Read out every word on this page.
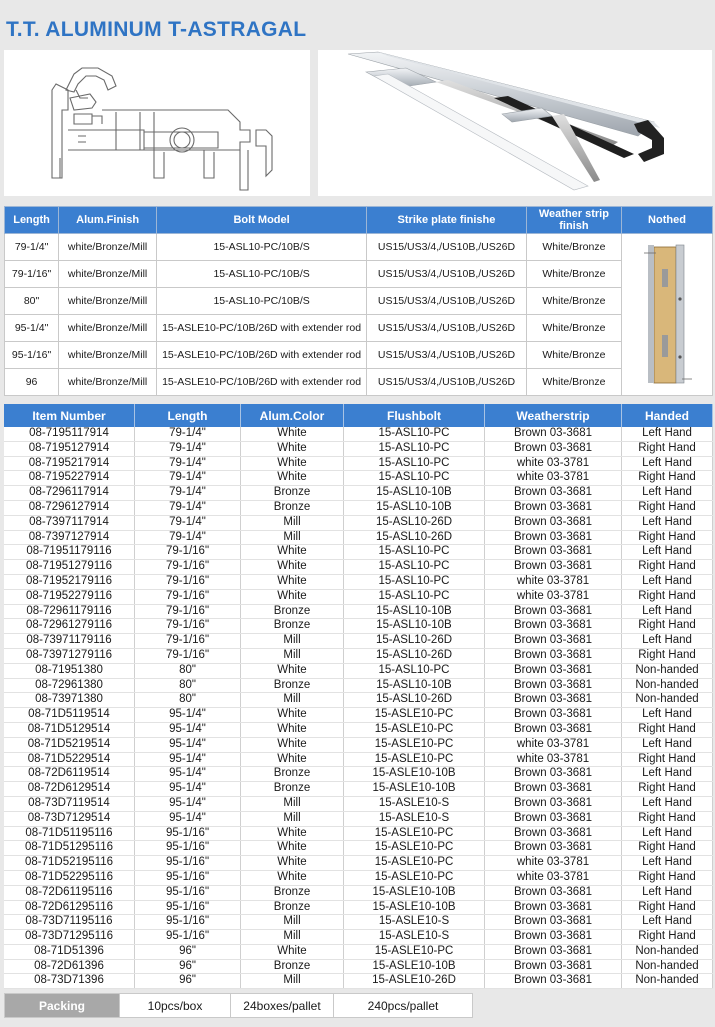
T.T. ALUMINUM T-ASTRAGAL
Length	Alum.Finish	Bolt Model	Strike plate finishe	Weather strip finish	Nothed
79-1/4"	white/Bronze/Mill	15-ASL10-PC/10B/S	US15/US3/4,/US10B,/US26D	White/Bronze	
79-1/16"	white/Bronze/Mill	15-ASL10-PC/10B/S	US15/US3/4,/US10B,/US26D	White/Bronze	
80"	white/Bronze/Mill	15-ASL10-PC/10B/S	US15/US3/4,/US10B,/US26D	White/Bronze	
95-1/4"	white/Bronze/Mill	15-ASLE10-PC/10B/26D with extender rod	US15/US3/4,/US10B,/US26D	White/Bronze	
95-1/16"	white/Bronze/Mill	15-ASLE10-PC/10B/26D with extender rod	US15/US3/4,/US10B,/US26D	White/Bronze	
96	white/Bronze/Mill	15-ASLE10-PC/10B/26D with extender rod	US15/US3/4,/US10B,/US26D	White/Bronze	
Item Number	Length	Alum.Color	Flushbolt	Weatherstrip	Handed
08-7195117914	79-1/4"	White	15-ASL10-PC	Brown 03-3681	Left Hand
08-7195127914	79-1/4"	White	15-ASL10-PC	Brown 03-3681	Right Hand
08-7195217914	79-1/4"	White	15-ASL10-PC	white 03-3781	Left Hand
08-7195227914	79-1/4"	White	15-ASL10-PC	white 03-3781	Right Hand
08-7296117914	79-1/4"	Bronze	15-ASL10-10B	Brown 03-3681	Left Hand
08-7296127914	79-1/4"	Bronze	15-ASL10-10B	Brown 03-3681	Right Hand
08-7397117914	79-1/4"	Mill	15-ASL10-26D	Brown 03-3681	Left Hand
08-7397127914	79-1/4"	Mill	15-ASL10-26D	Brown 03-3681	Right Hand
08-71951179116	79-1/16"	White	15-ASL10-PC	Brown 03-3681	Left Hand
08-71951279116	79-1/16"	White	15-ASL10-PC	Brown 03-3681	Right Hand
08-71952179116	79-1/16"	White	15-ASL10-PC	white 03-3781	Left Hand
08-71952279116	79-1/16"	White	15-ASL10-PC	white 03-3781	Right Hand
08-72961179116	79-1/16"	Bronze	15-ASL10-10B	Brown 03-3681	Left Hand
08-72961279116	79-1/16"	Bronze	15-ASL10-10B	Brown 03-3681	Right Hand
08-73971179116	79-1/16"	Mill	15-ASL10-26D	Brown 03-3681	Left Hand
08-73971279116	79-1/16"	Mill	15-ASL10-26D	Brown 03-3681	Right Hand
08-71951380	80"	White	15-ASL10-PC	Brown 03-3681	Non-handed
08-72961380	80"	Bronze	15-ASL10-10B	Brown 03-3681	Non-handed
08-73971380	80"	Mill	15-ASL10-26D	Brown 03-3681	Non-handed
08-71D5119514	95-1/4"	White	15-ASLE10-PC	Brown 03-3681	Left Hand
08-71D5129514	95-1/4"	White	15-ASLE10-PC	Brown 03-3681	Right Hand
08-71D5219514	95-1/4"	White	15-ASLE10-PC	white 03-3781	Left Hand
08-71D5229514	95-1/4"	White	15-ASLE10-PC	white 03-3781	Right Hand
08-72D6119514	95-1/4"	Bronze	15-ASLE10-10B	Brown 03-3681	Left Hand
08-72D6129514	95-1/4"	Bronze	15-ASLE10-10B	Brown 03-3681	Right Hand
08-73D7119514	95-1/4"	Mill	15-ASLE10-S	Brown 03-3681	Left Hand
08-73D7129514	95-1/4"	Mill	15-ASLE10-S	Brown 03-3681	Right Hand
08-71D51195116	95-1/16"	White	15-ASLE10-PC	Brown 03-3681	Left Hand
08-71D51295116	95-1/16"	White	15-ASLE10-PC	Brown 03-3681	Right Hand
08-71D52195116	95-1/16"	White	15-ASLE10-PC	white 03-3781	Left Hand
08-71D52295116	95-1/16"	White	15-ASLE10-PC	white 03-3781	Right Hand
08-72D61195116	95-1/16"	Bronze	15-ASLE10-10B	Brown 03-3681	Left Hand
08-72D61295116	95-1/16"	Bronze	15-ASLE10-10B	Brown 03-3681	Right Hand
08-73D71195116	95-1/16"	Mill	15-ASLE10-S	Brown 03-3681	Left Hand
08-73D71295116	95-1/16"	Mill	15-ASLE10-S	Brown 03-3681	Right Hand
08-71D51396	96"	White	15-ASLE10-PC	Brown 03-3681	Non-handed
08-72D61396	96"	Bronze	15-ASLE10-10B	Brown 03-3681	Non-handed
08-73D71396	96"	Mill	15-ASLE10-26D	Brown 03-3681	Non-handed
Packing	10pcs/box	24boxes/pallet	240pcs/pallet
